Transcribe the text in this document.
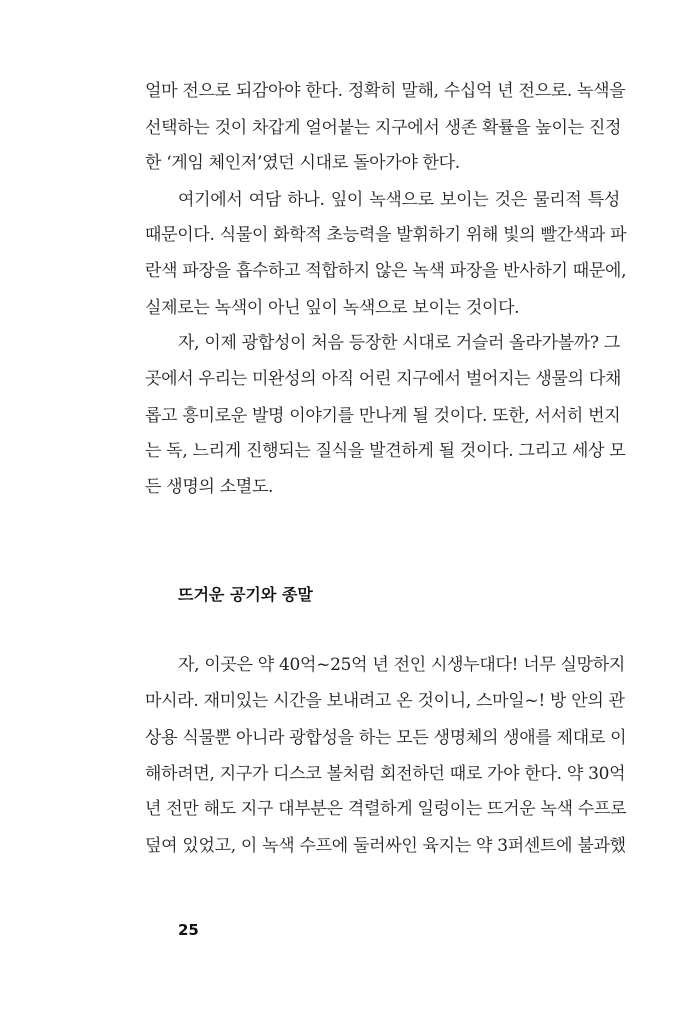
얼마 전으로 되감아야 한다. 정확히 말해, 수십억 년 전으로. 녹색을
선택하는 것이 차갑게 얼어붙는 지구에서 생존 확률을 높이는 진정
한 ‘게임 체인저’였던 시대로 돌아가야 한다.
여기에서 여담 하나. 잎이 녹색으로 보이는 것은 물리적 특성
때문이다. 식물이 화학적 초능력을 발휘하기 위해 빛의 빨간색과 파
란색 파장을 흡수하고 적합하지 않은 녹색 파장을 반사하기 때문에,
실제로는 녹색이 아닌 잎이 녹색으로 보이는 것이다.
자, 이제 광합성이 처음 등장한 시대로 거슬러 올라가볼까? 그
곳에서 우리는 미완성의 아직 어린 지구에서 벌어지는 생물의 다채
롭고 흥미로운 발명 이야기를 만나게 될 것이다. 또한, 서서히 번지
는 독, 느리게 진행되는 질식을 발견하게 될 것이다. 그리고 세상 모
든 생명의 소멸도.
뜨거운 공기와 종말
자, 이곳은 약 40억~25억 년 전인 시생누대다! 너무 실망하지
마시라. 재미있는 시간을 보내려고 온 것이니, 스마일~! 방 안의 관
상용 식물뿐 아니라 광합성을 하는 모든 생명체의 생애를 제대로 이
해하려면, 지구가 디스코 볼처럼 회전하던 때로 가야 한다. 약 30억
년 전만 해도 지구 대부분은 격렬하게 일렁이는 뜨거운 녹색 수프로
덮여 있었고, 이 녹색 수프에 둘러싸인 육지는 약 3퍼센트에 불과했
25
